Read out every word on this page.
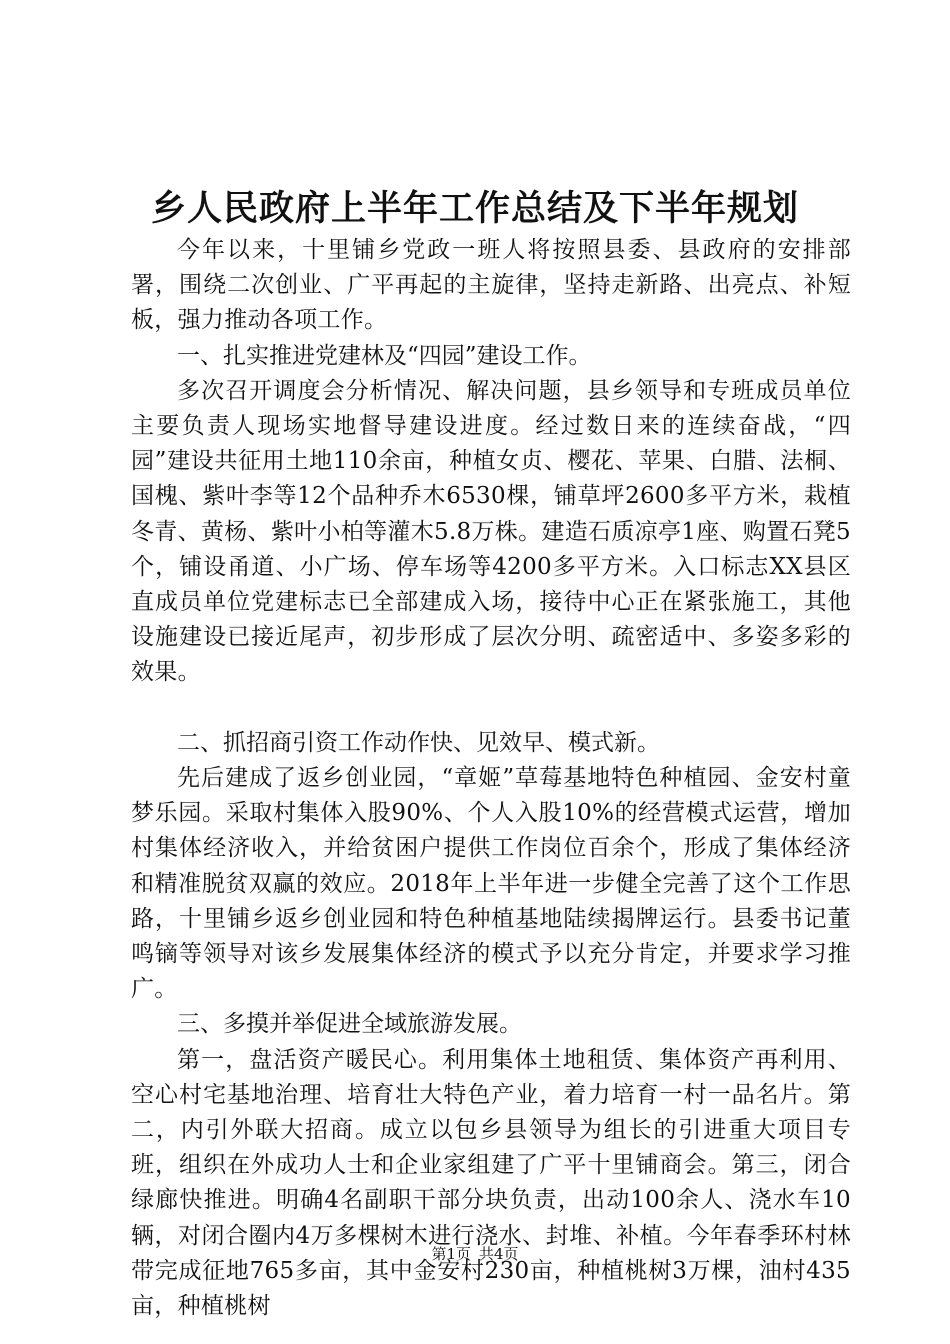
乡人民政府上半年工作总结及下半年规划

今年以来，十里铺乡党政一班人将按照县委、县政府的安排部署，围绕二次创业、广平再起的主旋律，坚持走新路、出亮点、补短板，强力推动各项工作。

一、扎实推进党建林及“四园”建设工作。

多次召开调度会分析情况、解决问题，县乡领导和专班成员单位主要负责人现场实地督导建设进度。经过数日来的连续奋战，“四园”建设共征用土地110余亩，种植女贞、樱花、苹果、白腊、法桐、国槐、紫叶李等12个品种乔木6530棵，铺草坪2600多平方米，栽植冬青、黄杨、紫叶小柏等灌木5.8万株。建造石质凉亭1座、购置石凳5个，铺设甬道、小广场、停车场等4200多平方米。入口标志XX县区直成员单位党建标志已全部建成入场，接待中心正在紧张施工，其他设施建设已接近尾声，初步形成了层次分明、疏密适中、多姿多彩的效果。

二、抓招商引资工作动作快、见效早、模式新。

先后建成了返乡创业园，“章姬”草莓基地特色种植园、金安村童梦乐园。采取村集体入股90%、个人入股10%的经营模式运营，增加村集体经济收入，并给贫困户提供工作岗位百余个，形成了集体经济和精准脱贫双赢的效应。2018年上半年进一步健全完善了这个工作思路，十里铺乡返乡创业园和特色种植基地陆续揭牌运行。县委书记董鸣镝等领导对该乡发展集体经济的模式予以充分肯定，并要求学习推广。

三、多摸并举促进全域旅游发展。

第一，盘活资产暖民心。利用集体土地租赁、集体资产再利用、空心村宅基地治理、培育壮大特色产业，着力培育一村一品名片。第二，内引外联大招商。成立以包乡县领导为组长的引进重大项目专班，组织在外成功人士和企业家组建了广平十里铺商会。第三，闭合绿廊快推进。明确4名副职干部分块负责，出动100余人、浇水车10辆，对闭合圈内4万多棵树木进行浇水、封堆、补植。今年春季环村林带完成征地765多亩，其中金安村230亩，种植桃树3万棵，油村435亩，种植桃树

第1页 共4页
